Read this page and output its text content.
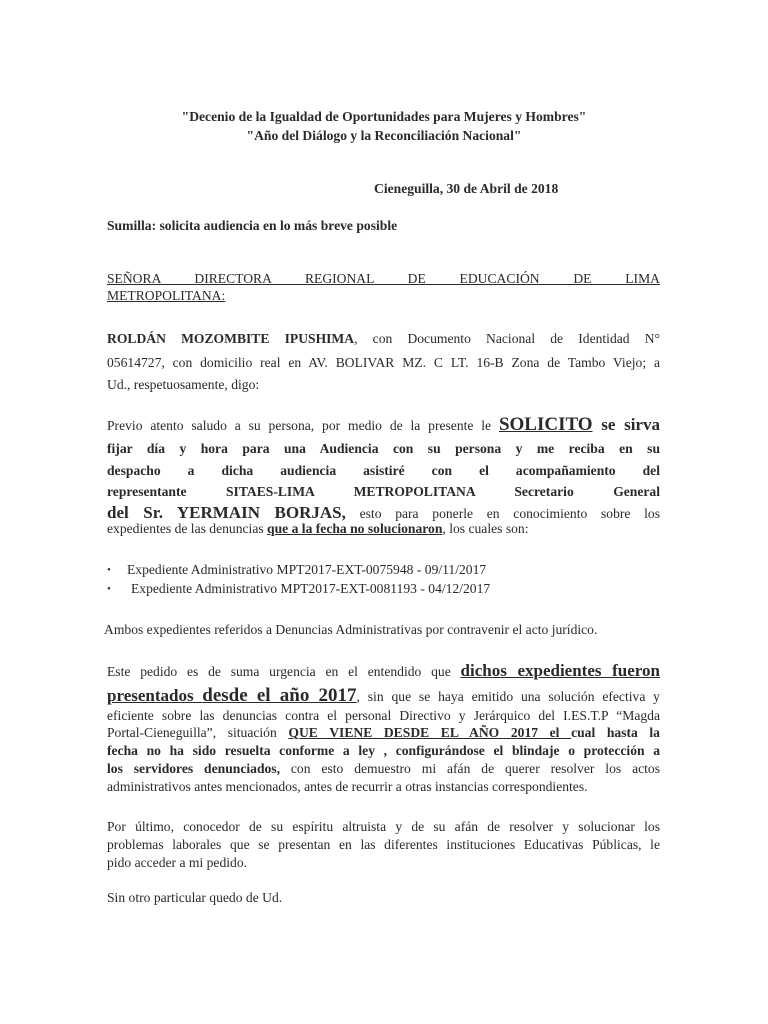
"Decenio de la Igualdad de Oportunidades para Mujeres y Hombres"
"Año del Diálogo y la Reconciliación Nacional"
Cieneguilla, 30 de Abril de 2018
Sumilla: solicita audiencia en lo más breve posible
SEÑORA DIRECTORA REGIONAL DE EDUCACIÓN DE LIMA
METROPOLITANA:
ROLDÁN MOZOMBITE IPUSHIMA, con Documento Nacional de Identidad N°
05614727, con domicilio real en AV. BOLIVAR MZ. C LT. 16-B Zona de Tambo Viejo; a
Ud., respetuosamente, digo:
Previo atento saludo a su persona, por medio de la presente le SOLICITO se sirva
fijar día y hora para una Audiencia con su persona y me reciba en su
despacho a dicha audiencia asistiré con el acompañamiento del
representante SITAES-LIMA METROPOLITANA Secretario General
del Sr. YERMAIN BORJAS, esto para ponerle en conocimiento sobre los
expedientes de las denuncias que a la fecha no solucionaron, los cuales son:
• Expediente Administrativo MPT2017-EXT-0075948 - 09/11/2017
• Expediente Administrativo MPT2017-EXT-0081193 - 04/12/2017
Ambos expedientes referidos a Denuncias Administrativas por contravenir el acto jurídico.
Este pedido es de suma urgencia en el entendido que dichos expedientes fueron
presentados desde el año 2017, sin que se haya emitido una solución efectiva y
eficiente sobre las denuncias contra el personal Directivo y Jerárquico del I.ES.T.P “Magda
Portal-Cieneguilla”, situación QUE VIENE DESDE EL AÑO 2017 el cual hasta la
fecha no ha sido resuelta conforme a ley , configurándose el blindaje o protección a
los servidores denunciados, con esto demuestro mi afán de querer resolver los actos
administrativos antes mencionados, antes de recurrir a otras instancias correspondientes.
Por último, conocedor de su espíritu altruista y de su afán de resolver y solucionar los
problemas laborales que se presentan en las diferentes instituciones Educativas Públicas, le
pido acceder a mi pedido.
Sin otro particular quedo de Ud.
